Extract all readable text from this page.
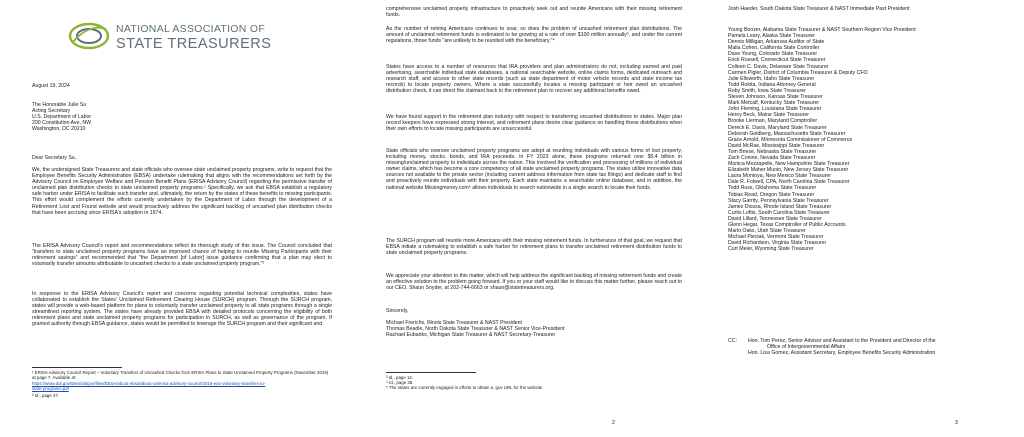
NATIONAL ASSOCIATION OF
STATE TREASURERS
August 19, 2024
The Honorable Julie Su
Acting Secretary
U.S. Department of Labor
200 Constitution Ave, NW
Washington, DC 20210
Dear Secretary Su,
We, the undersigned State Treasurers and state officials who oversee state unclaimed property programs, write to request that the Employee Benefits Security Administration (EBSA) undertake rulemaking that aligns with the recommendations set forth by the Advisory Council on Employee Welfare and Pension Benefit Plans (ERISA Advisory Council) regarding the permissive transfer of unclaimed plan distribution checks to state unclaimed property programs.¹ Specifically, we ask that EBSA establish a regulatory safe harbor under ERISA to facilitate such transfer and, ultimately, the return by the states of these benefits to missing participants. This effort would complement the efforts currently undertaken by the Department of Labor through the development of a Retirement Lost and Found website and would proactively address the significant backlog of uncashed plan distribution checks that have been accruing since ERISA's adoption in 1974.
The ERISA Advisory Council's report and recommendations reflect its thorough study of this issue. The Council concluded that "transfers to state unclaimed property programs have an improved chance of helping to reunite Missing Participants with their retirement savings" and recommended that "the Department [of Labor] issue guidance confirming that a plan may elect to voluntarily transfer amounts attributable to uncashed checks to a state unclaimed property program."²
In response to the ERISA Advisory Council's report and concerns regarding potential technical complexities, states have collaborated to establish the States' Unclaimed Retirement Clearing House (SURCH) program. Through the SURCH program, states will provide a web-based platform for plans to voluntarily transfer unclaimed property to all state programs through a single streamlined reporting system. The states have already provided EBSA with detailed protocols concerning the eligibility of both retirement plans and state unclaimed property programs for participation in SURCH, as well as governance of the program. If granted authority through EBSA guidance, states would be permitted to leverage the SURCH program and their significant and
¹ ERISA Advisory Council Report – Voluntary Transfers of Uncashed Checks from ERISA Plans to State Unclaimed Property Programs (November 2019) at page 7. Available at:
https://www.dol.gov/sites/dolgov/files/EBSA/about-ebsa/about-us/erisa-advisory-council/2019-eac-voluntary-transfers-to-state-programs.pdf
² Id., page 47.
comprehensive unclaimed property infrastructure to proactively seek out and reunite Americans with their missing retirement funds.
As the number of retiring Americans continues to soar, so does the problem of uncashed retirement plan distributions. The amount of unclaimed retirement funds is estimated to be growing at a rate of over $100 million annually³, and under the current regulations, those funds "are unlikely to be reunited with the beneficiary."⁴
States have access to a number of resources that IRA providers and plan administrators do not, including earned and paid advertising, searchable individual state databases, a national searchable website, online claims forms, dedicated outreach and research staff, and access to other state records (such as state department of motor vehicle records and state income tax records) to locate property owners. Where a state successfully locates a missing participant or heir owed an uncashed distribution check, it can direct the claimant back to the retirement plan to recover any additional benefits owed.
We have found support in the retirement plan industry with respect to transferring uncashed distributions to states. Major plan record keepers have expressed strong interest, and retirement plans desire clear guidance on handling these distributions when their own efforts to locate missing participants are unsuccessful.
State officials who oversee unclaimed property programs are adept at reuniting individuals with various forms of lost property, including money, stocks, bonds, and IRA proceeds. In FY 2023 alone, these programs returned over $5.4 billion in missing/unclaimed property to individuals across the nation. This involved the verification and processing of millions of individual owner claims, which has become a core competency of all state unclaimed property programs. The states utilize innovative data sources not available to the private sector (including current address information from state tax filings) and dedicate staff to find and proactively reunite individuals with their property. Each state maintains a searchable online database, and in addition, the national website Missingmoney.com⁵ allows individuals to search nationwide in a single search to locate their funds.
The SURCH program will reunite more Americans with their missing retirement funds. In furtherance of that goal, we request that EBSA initiate a rulemaking to establish a safe harbor for retirement plans to transfer unclaimed retirement distribution funds to state unclaimed property programs.
We appreciate your attention to this matter, which will help address the significant backlog of missing retirement funds and create an effective solution to the problem going forward. If you or your staff would like to discuss this matter further, please reach out to our CEO, Shaun Snyder, at 202-744-6663 or shaun@statetreasurers.org.
Sincerely,
Michael Frerichs, Illinois State Treasurer & NAST President
Thomas Beadle, North Dakota State Treasurer & NAST Senior Vice-President
Rachael Eubanks, Michigan State Treasurer & NAST Secretary-Treasurer
³ Id., page 12.
⁴ Id., page 38.
⁵ The states are currently engaged in efforts to obtain a .gov URL for the website.
2
Josh Haeder, South Dakota State Treasurer & NAST Immediate Past President
Young Boozer, Alabama State Treasurer & NAST Southern Region Vice President
Pamela Leary, Alaska State Treasurer
Dennis Milligan, Arkansas Auditor of State
Malia Cohen, California State Controller
Dave Young, Colorado State Treasurer
Erick Russell, Connecticut State Treasurer
Colleen C. Davis, Delaware State Treasurer
Carmen Pigler, District of Columbia Treasurer & Deputy CFO
Julie Ellsworth, Idaho State Treasurer
Todd Rokita, Indiana Attorney General
Roby Smith, Iowa State Treasurer
Steven Johnson, Kansas State Treasurer
Mark Metcalf, Kentucky State Treasurer
John Fleming, Louisiana State Treasurer
Henry Beck, Maine State Treasurer
Brooke Lierman, Maryland Comptroller
Dereck E. Davis, Maryland State Treasurer
Deborah Goldberg, Massachusetts State Treasurer
Grace Arnold, Minnesota Commissioner of Commerce
David McRae, Mississippi State Treasurer
Tom Briese, Nebraska State Treasurer
Zach Conine, Nevada State Treasurer
Monica Mezzapelle, New Hampshire State Treasurer
Elizabeth Maher Muoio, New Jersey State Treasurer
Laura Montoya, New Mexico State Treasurer
Dale R. Folwell, CPA, North Carolina State Treasurer
Todd Russ, Oklahoma State Treasurer
Tobias Read, Oregon State Treasurer
Stacy Garrity, Pennsylvania State Treasurer
James Diossa, Rhode Island State Treasurer
Curtis Loftis, South Carolina State Treasurer
David Lillard, Tennessee State Treasurer
Glenn Hegar, Texas Comptroller of Public Accounts
Marlo Oaks, Utah State Treasurer
Michael Pieciak, Vermont State Treasurer
David Richardson, Virginia State Treasurer
Curt Meier, Wyoming State Treasurer
CC: Hon. Tom Perez, Senior Advisor and Assistant to the President and Director of the
Office of Intergovernmental Affairs
Hon. Lisa Gomez, Assistant Secretary, Employee Benefits Security Administration
3
